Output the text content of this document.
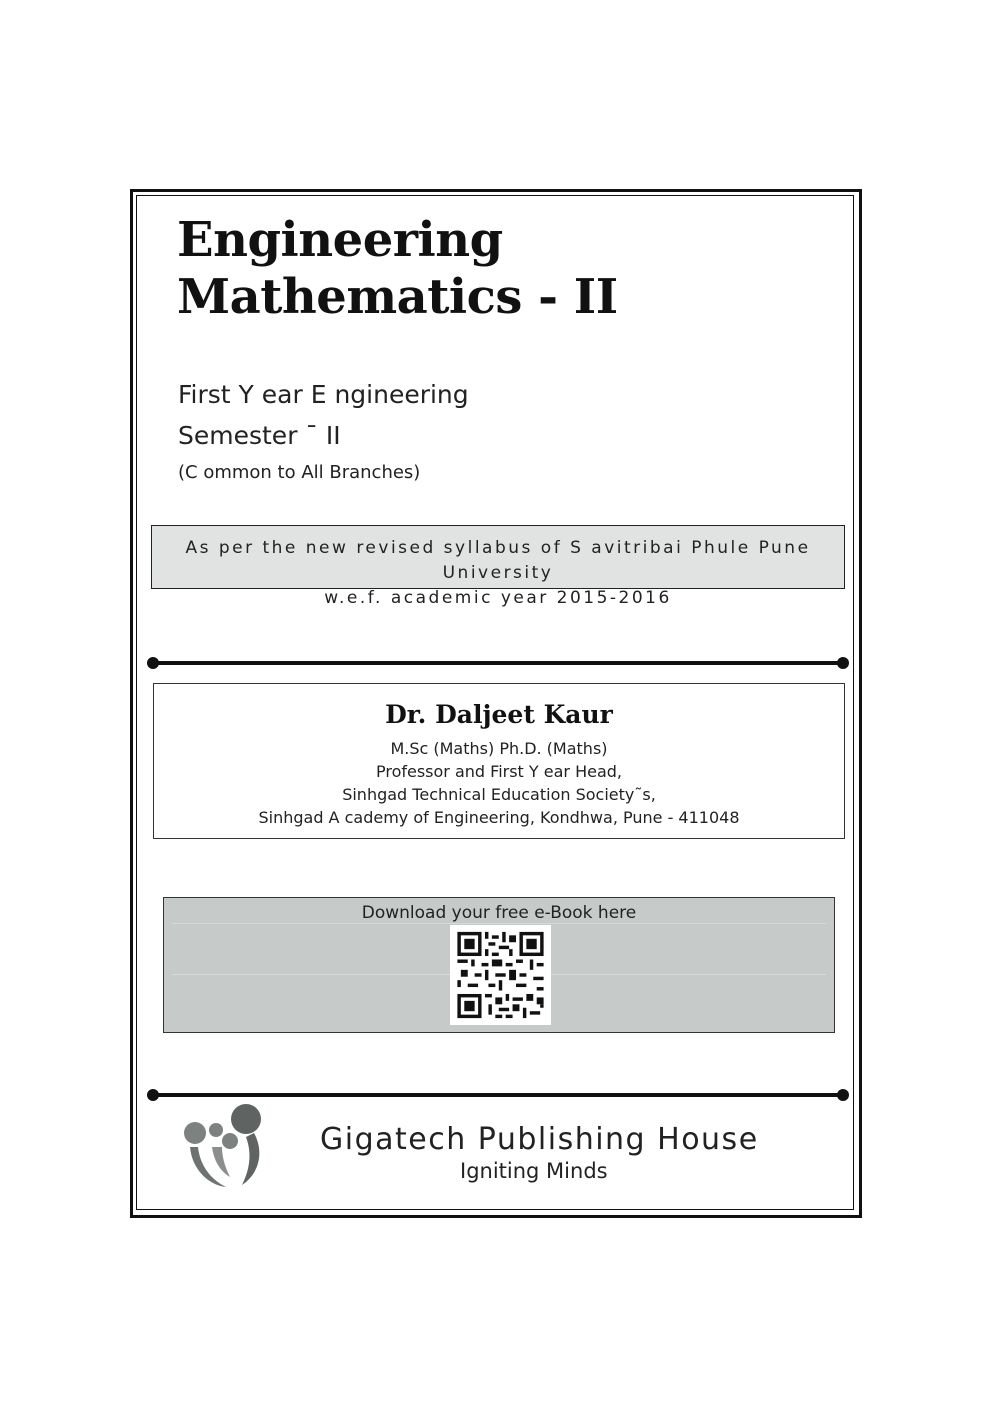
Engineering
Mathematics - II
First Y ear E ngineering
Semester ¯ II
(C ommon to All Branches)
As per the new revised syllabus of S avitribai Phule Pune University
w.e.f. academic year 2015-2016
Dr. Daljeet Kaur
M.Sc (Maths) Ph.D. (Maths)
Professor and First Y ear Head,
Sinhgad Technical Education Society˜s,
Sinhgad A cademy of Engineering, Kondhwa, Pune - 411048
Download your free e-Book here
Gigatech Publishing House
Igniting Minds
